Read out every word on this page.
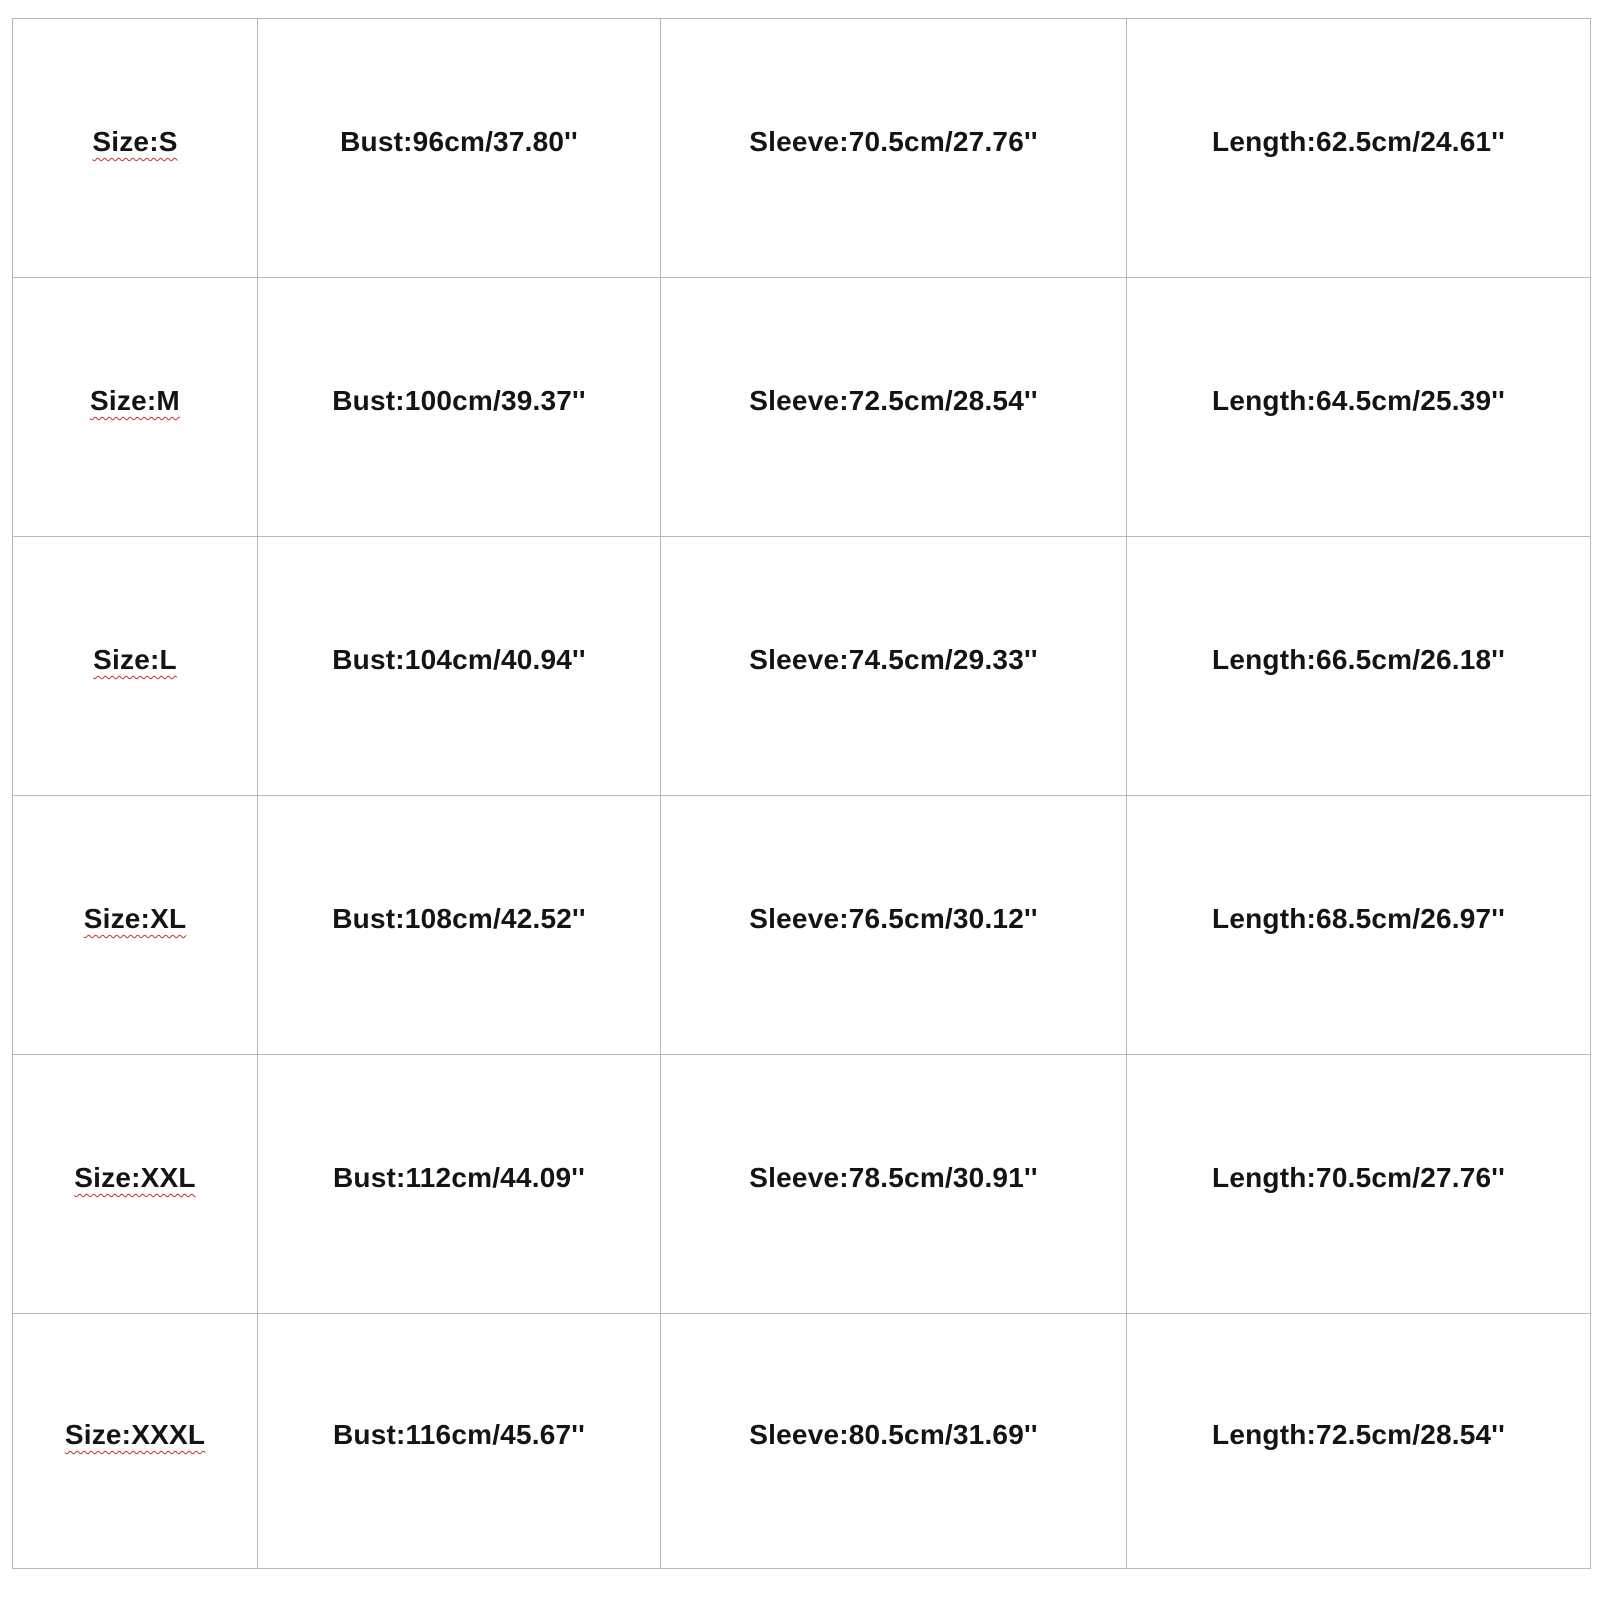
Size:S	Bust:96cm/37.80''	Sleeve:70.5cm/27.76''	Length:62.5cm/24.61''
Size:M	Bust:100cm/39.37''	Sleeve:72.5cm/28.54''	Length:64.5cm/25.39''
Size:L	Bust:104cm/40.94''	Sleeve:74.5cm/29.33''	Length:66.5cm/26.18''
Size:XL	Bust:108cm/42.52''	Sleeve:76.5cm/30.12''	Length:68.5cm/26.97''
Size:XXL	Bust:112cm/44.09''	Sleeve:78.5cm/30.91''	Length:70.5cm/27.76''
Size:XXXL	Bust:116cm/45.67''	Sleeve:80.5cm/31.69''	Length:72.5cm/28.54''
